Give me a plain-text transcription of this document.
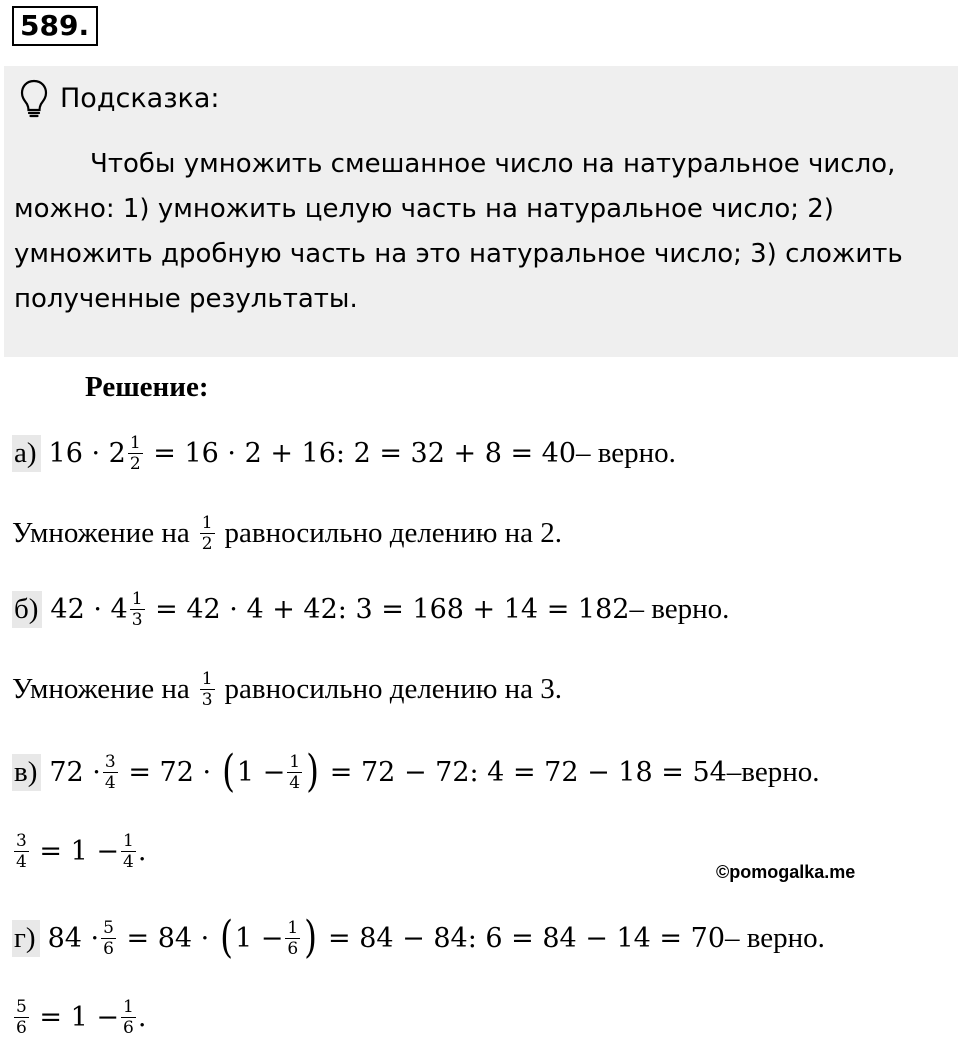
589.
Подсказка:

Чтобы умножить смешанное число на натуральное число, можно: 1) умножить целую часть на натуральное число; 2) умножить дробную часть на это натуральное число; 3) сложить полученные результаты.

Решение:
а) 16 ·
$2 \frac{1}{2}$
= 16 · 2 + 16: 2 = 32 + 8 = 40 – верно.
Умножение на $\frac{1}{2}$ равносильно делению на 2.
б) 42 ·
$4 \frac{1}{3}$
= 42 · 4 + 42: 3 = 168 + 14 = 182 – верно.
Умножение на $\frac{1}{3}$ равносильно делению на 3.
в) $72 \cdot \frac{3}{4}$
= 72 ·
( $1 - \frac{1}{4}$ )
= 72 − 72: 4 = 72 − 18 = 54 –верно.
$\frac{3}{4}$
= $1 - \frac{1}{4}$ .
©pomogalka.me
г) $84 \cdot \frac{5}{6}$
= 84 ·
( $1 - \frac{1}{6}$ )
= 84 − 84: 6 = 84 − 14 = 70 – верно.
$\frac{5}{6}$
= $1 - \frac{1}{6}$ .
